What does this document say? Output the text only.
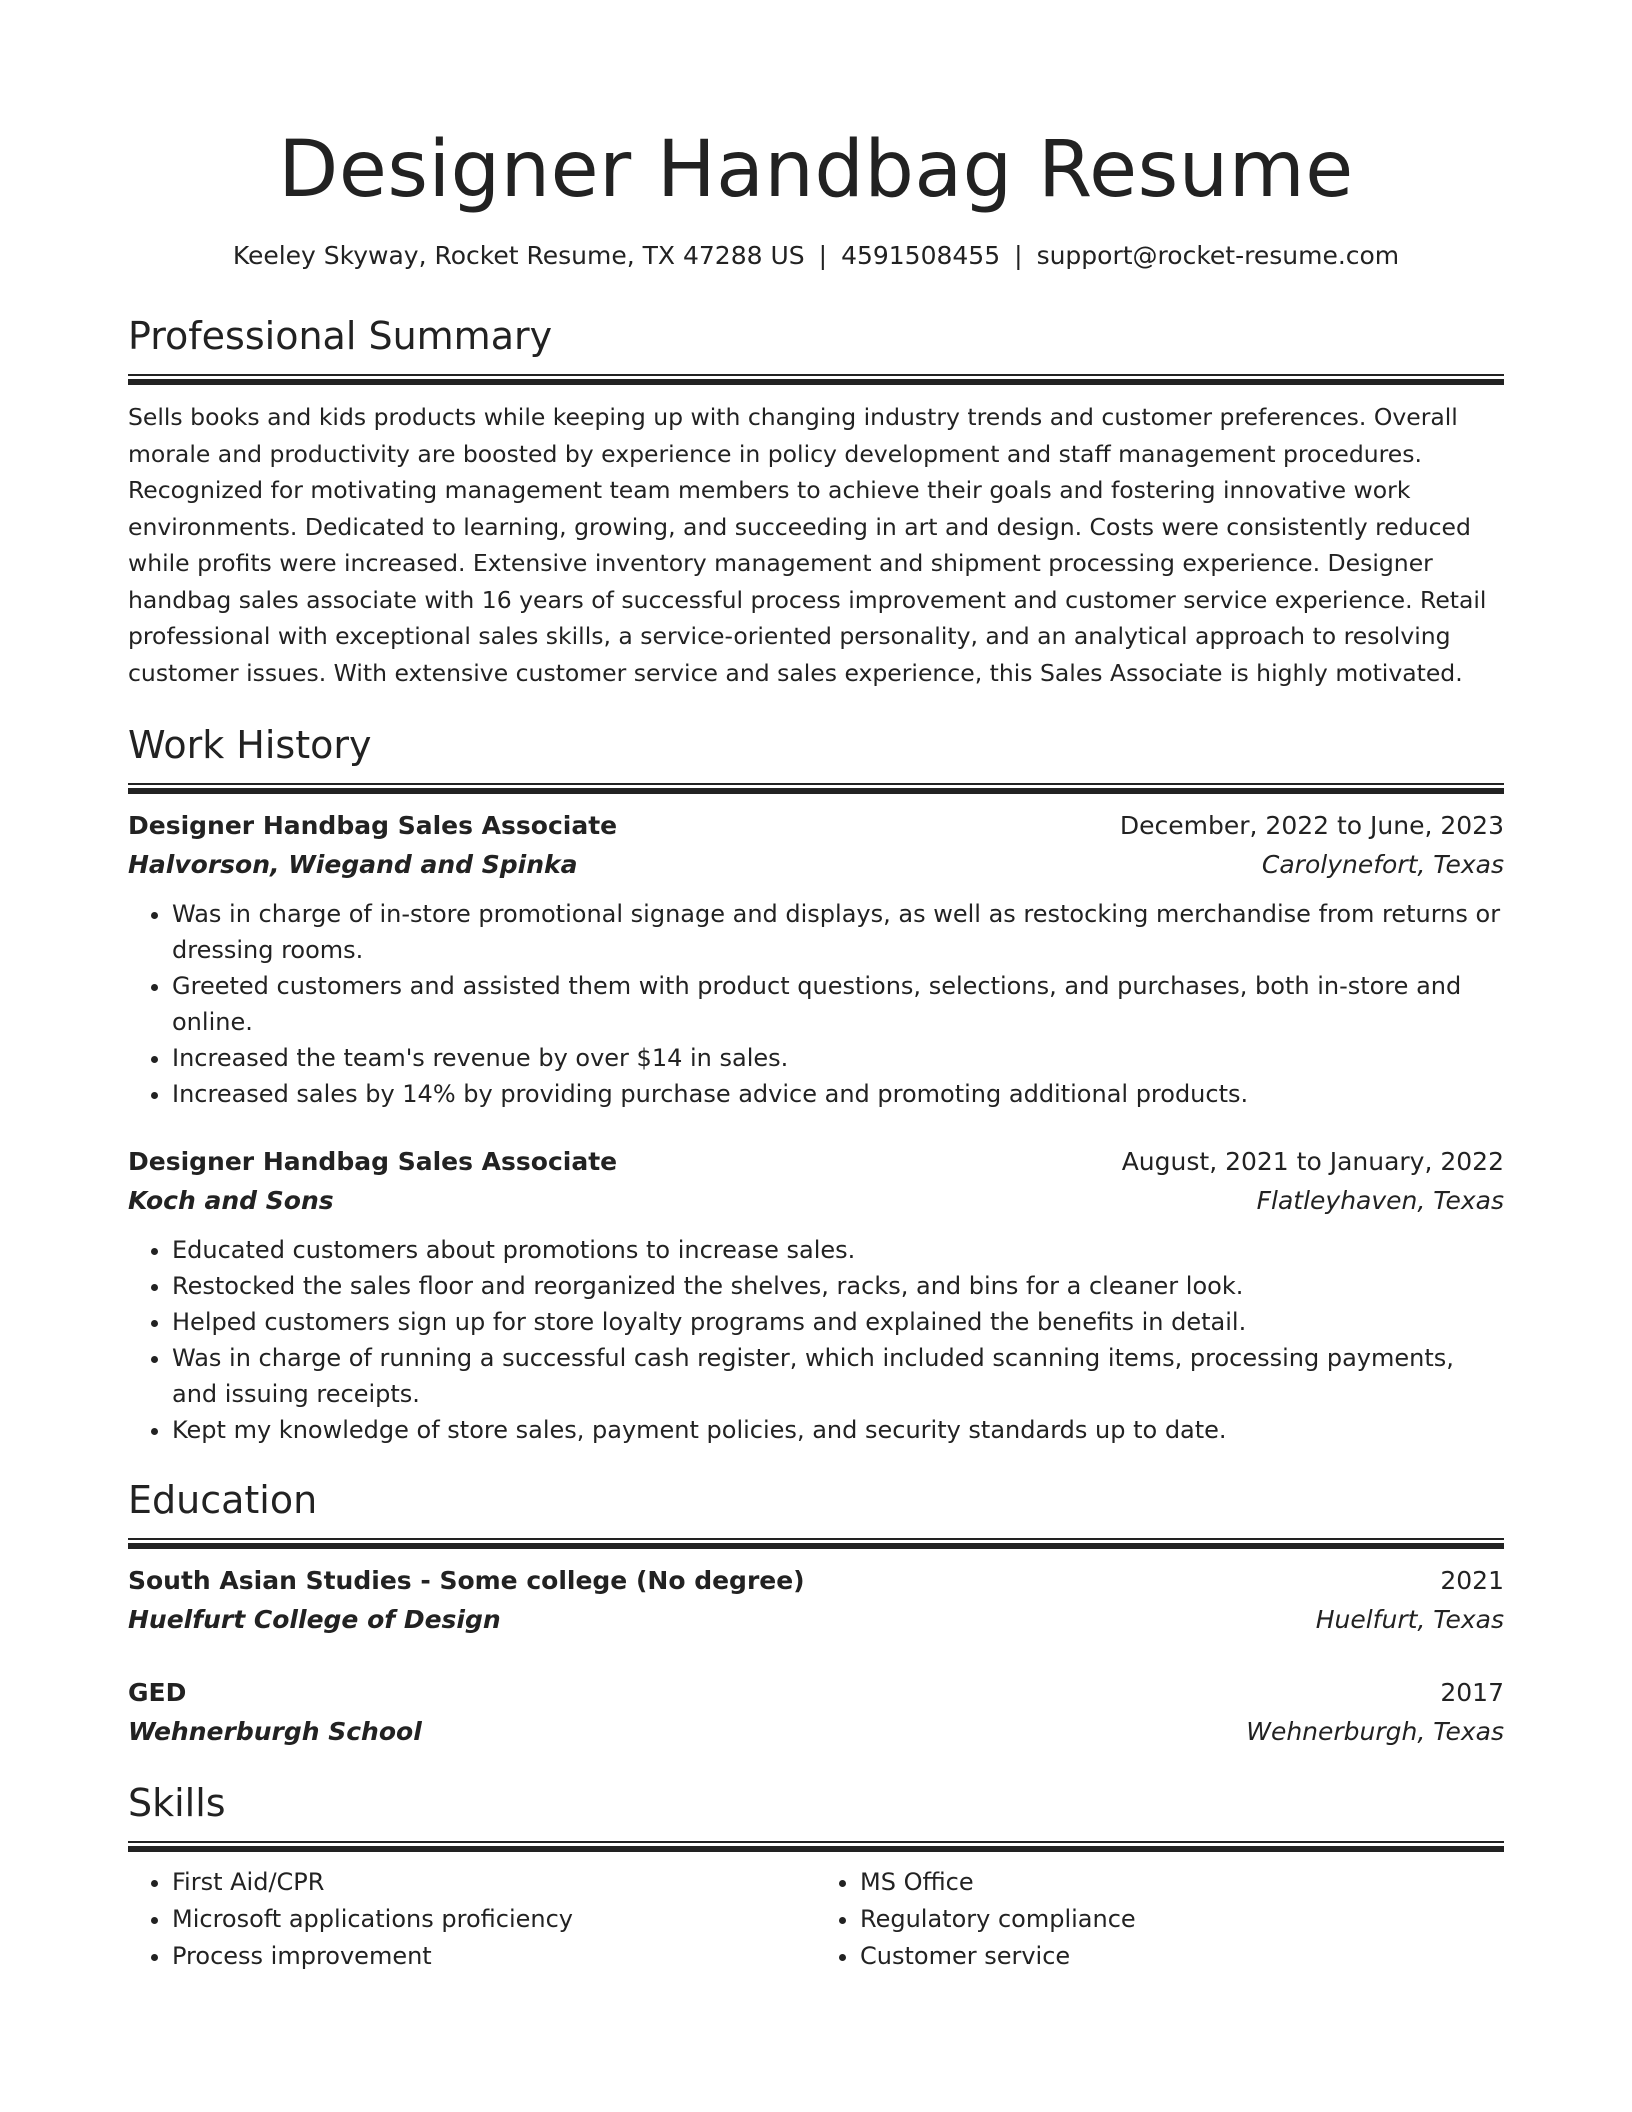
Designer Handbag Resume
Keeley Skyway, Rocket Resume, TX 47288 US | 4591508455 | support@rocket-resume.com
Professional Summary
Sells books and kids products while keeping up with changing industry trends and customer preferences. Overall morale and productivity are boosted by experience in policy development and staff management procedures. Recognized for motivating management team members to achieve their goals and fostering innovative work environments. Dedicated to learning, growing, and succeeding in art and design. Costs were consistently reduced while profits were increased. Extensive inventory management and shipment processing experience. Designer handbag sales associate with 16 years of successful process improvement and customer service experience. Retail professional with exceptional sales skills, a service-oriented personality, and an analytical approach to resolving customer issues. With extensive customer service and sales experience, this Sales Associate is highly motivated.
Work History
Designer Handbag Sales Associate	December, 2022 to June, 2023
Halvorson, Wiegand and Spinka	Carolynefort, Texas
• Was in charge of in-store promotional signage and displays, as well as restocking merchandise from returns or dressing rooms.
• Greeted customers and assisted them with product questions, selections, and purchases, both in-store and online.
• Increased the team's revenue by over $14 in sales.
• Increased sales by 14% by providing purchase advice and promoting additional products.
Designer Handbag Sales Associate	August, 2021 to January, 2022
Koch and Sons	Flatleyhaven, Texas
• Educated customers about promotions to increase sales.
• Restocked the sales floor and reorganized the shelves, racks, and bins for a cleaner look.
• Helped customers sign up for store loyalty programs and explained the benefits in detail.
• Was in charge of running a successful cash register, which included scanning items, processing payments, and issuing receipts.
• Kept my knowledge of store sales, payment policies, and security standards up to date.
Education
South Asian Studies - Some college (No degree)	2021
Huelfurt College of Design	Huelfurt, Texas
GED	2017
Wehnerburgh School	Wehnerburgh, Texas
Skills
• First Aid/CPR
• Microsoft applications proficiency
• Process improvement
• MS Office
• Regulatory compliance
• Customer service
